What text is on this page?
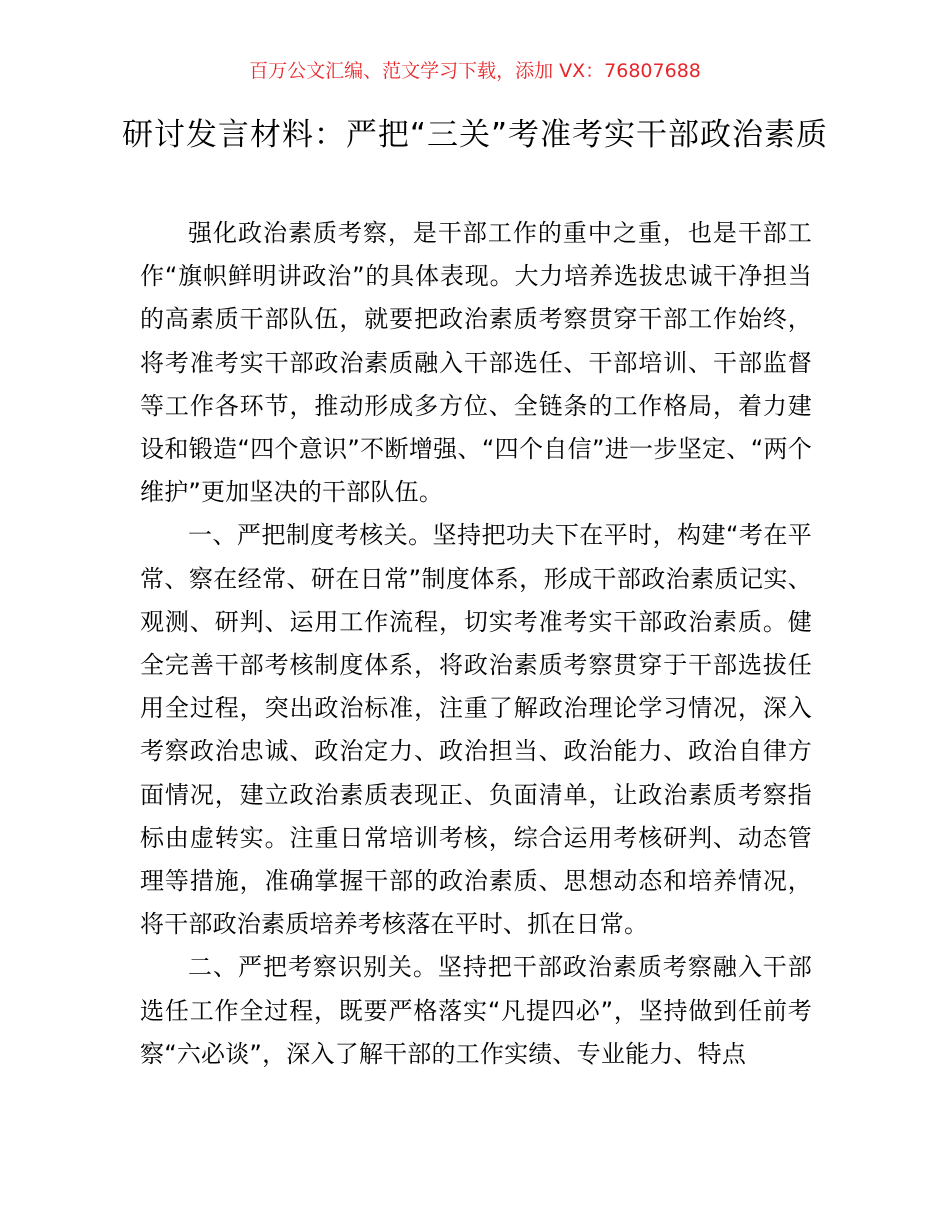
百万公文汇编、范文学习下载，添加 VX：76807688
研讨发言材料：严把“三关”考准考实干部政治素质

强化政治素质考察，是干部工作的重中之重，也是干部工作“旗帜鲜明讲政治”的具体表现。大力培养选拔忠诚干净担当的高素质干部队伍，就要把政治素质考察贯穿干部工作始终，将考准考实干部政治素质融入干部选任、干部培训、干部监督等工作各环节，推动形成多方位、全链条的工作格局，着力建设和锻造“四个意识”不断增强、“四个自信”进一步坚定、“两个维护”更加坚决的干部队伍。

一、严把制度考核关。坚持把功夫下在平时，构建“考在平常、察在经常、研在日常”制度体系，形成干部政治素质记实、观测、研判、运用工作流程，切实考准考实干部政治素质。健全完善干部考核制度体系，将政治素质考察贯穿于干部选拔任用全过程，突出政治标准，注重了解政治理论学习情况，深入考察政治忠诚、政治定力、政治担当、政治能力、政治自律方面情况，建立政治素质表现正、负面清单，让政治素质考察指标由虚转实。注重日常培训考核，综合运用考核研判、动态管理等措施，准确掌握干部的政治素质、思想动态和培养情况，将干部政治素质培养考核落在平时、抓在日常。

二、严把考察识别关。坚持把干部政治素质考察融入干部选任工作全过程，既要严格落实“凡提四必”，坚持做到任前考察“六必谈”，深入了解干部的工作实绩、专业能力、特点
